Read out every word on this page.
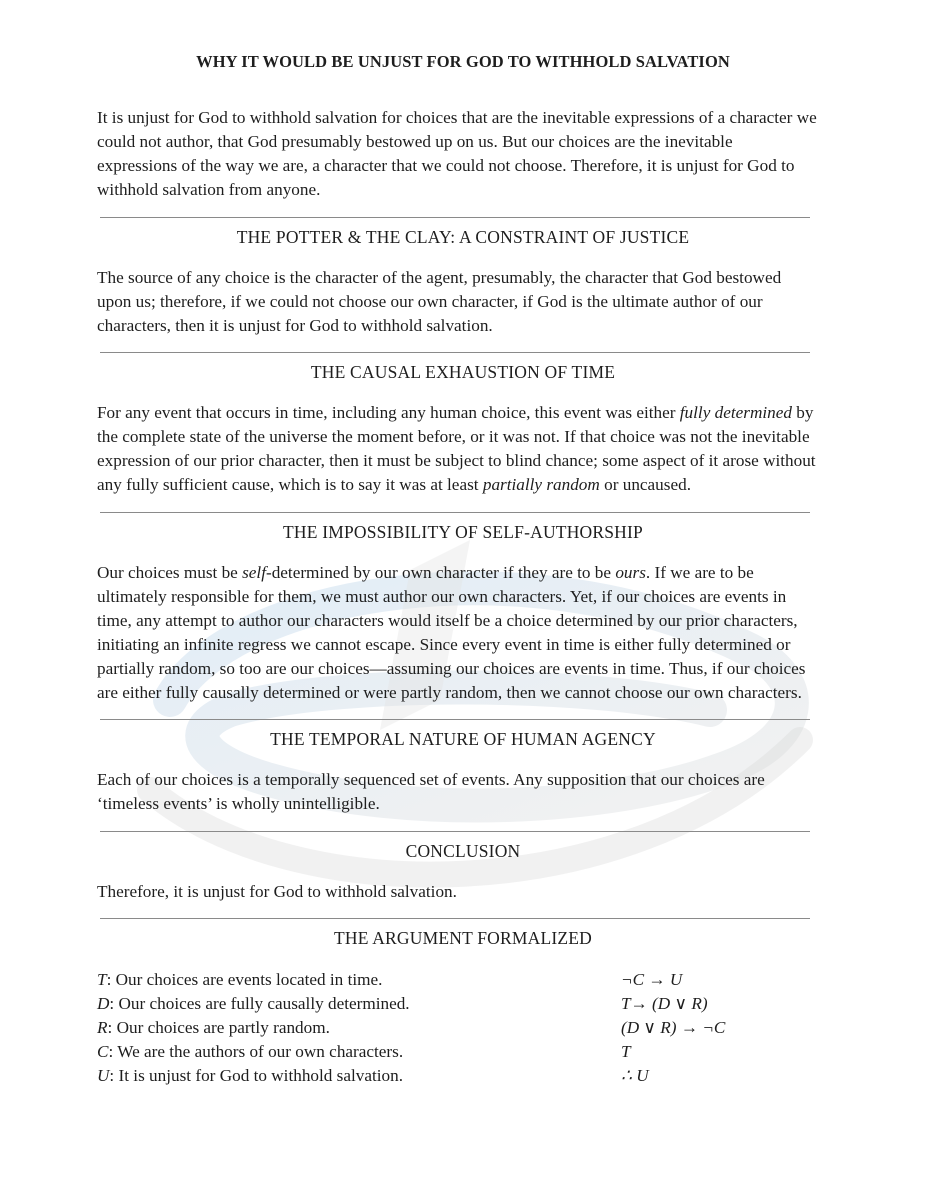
WHY IT WOULD BE UNJUST FOR GOD TO WITHHOLD SALVATION

It is unjust for God to withhold salvation for choices that are the inevitable expressions of a character we could not author, that God presumably bestowed up on us. But our choices are the inevitable expressions of the way we are, a character that we could not choose. Therefore, it is unjust for God to withhold salvation from anyone.

THE POTTER & THE CLAY: A CONSTRAINT OF JUSTICE

The source of any choice is the character of the agent, presumably, the character that God bestowed upon us; therefore, if we could not choose our own character, if God is the ultimate author of our characters, then it is unjust for God to withhold salvation.

THE CAUSAL EXHAUSTION OF TIME

For any event that occurs in time, including any human choice, this event was either fully determined by the complete state of the universe the moment before, or it was not. If that choice was not the inevitable expression of our prior character, then it must be subject to blind chance; some aspect of it arose without any fully sufficient cause, which is to say it was at least partially random or uncaused.

THE IMPOSSIBILITY OF SELF-AUTHORSHIP

Our choices must be self-determined by our own character if they are to be ours. If we are to be ultimately responsible for them, we must author our own characters. Yet, if our choices are events in time, any attempt to author our characters would itself be a choice determined by our prior characters, initiating an infinite regress we cannot escape. Since every event in time is either fully determined or partially random, so too are our choices—assuming our choices are events in time. Thus, if our choices are either fully causally determined or were partly random, then we cannot choose our own characters.

THE TEMPORAL NATURE OF HUMAN AGENCY

Each of our choices is a temporally sequenced set of events. Any supposition that our choices are ‘timeless events’ is wholly unintelligible.

CONCLUSION

Therefore, it is unjust for God to withhold salvation.

THE ARGUMENT FORMALIZED
T: Our choices are events located in time.	¬C → U
D: Our choices are fully causally determined.	T→ (D ∨ R)
R: Our choices are partly random.	(D ∨ R) → ¬C
C: We are the authors of our own characters.	T
U: It is unjust for God to withhold salvation.	∴ U
